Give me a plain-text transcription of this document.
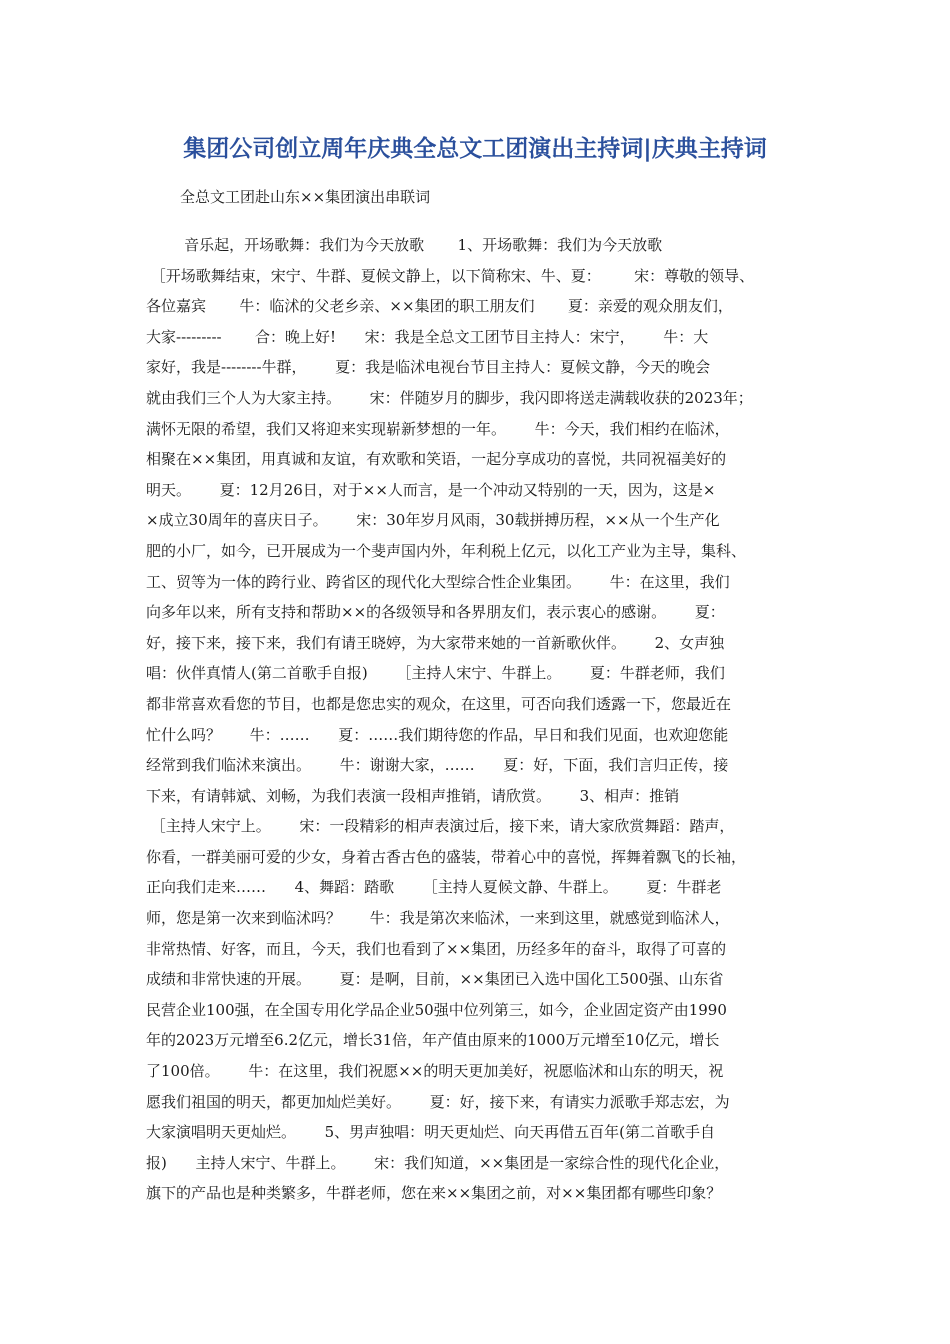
集团公司创立周年庆典全总文工团演出主持词|庆典主持词

全总文工团赴山东××集团演出串联词

音乐起，开场歌舞：我们为今天放歌       1、开场歌舞：我们为今天放歌
［开场歌舞结束，宋宁、牛群、夏候文静上，以下简称宋、牛、夏：       宋：尊敬的领导、
各位嘉宾       牛：临沭的父老乡亲、××集团的职工朋友们       夏：亲爱的观众朋友们，
大家---------       合：晚上好!      宋：我是全总文工团节目主持人：宋宁，      牛：大
家好，我是--------牛群，      夏：我是临沭电视台节目主持人：夏候文静，今天的晚会
就由我们三个人为大家主持。      宋：伴随岁月的脚步，我闪即将送走满载收获的2023年；
满怀无限的希望，我们又将迎来实现崭新梦想的一年。      牛：今天，我们相约在临沭，
相聚在××集团，用真诚和友谊，有欢歌和笑语，一起分享成功的喜悦，共同祝福美好的
明天。      夏：12月26日，对于××人而言，是一个冲动又特别的一天，因为，这是×
×成立30周年的喜庆日子。      宋：30年岁月风雨，30载拼搏历程，××从一个生产化
肥的小厂，如今，已开展成为一个斐声国内外，年利税上亿元，以化工产业为主导，集科、
工、贸等为一体的跨行业、跨省区的现代化大型综合性企业集团。      牛：在这里，我们
向多年以来，所有支持和帮助××的各级领导和各界朋友们，表示衷心的感谢。      夏：
好，接下来，接下来，我们有请王晓婷，为大家带来她的一首新歌伙伴。      2、女声独
唱：伙伴真情人(第二首歌手自报)      ［主持人宋宁、牛群上。      夏：牛群老师，我们
都非常喜欢看您的节目，也都是您忠实的观众，在这里，可否向我们透露一下，您最近在
忙什么吗？      牛：……      夏：……我们期待您的作品，早日和我们见面，也欢迎您能
经常到我们临沭来演出。      牛：谢谢大家，……      夏：好，下面，我们言归正传，接
下来，有请韩斌、刘畅，为我们表演一段相声推销，请欣赏。      3、相声：推销
［主持人宋宁上。      宋：一段精彩的相声表演过后，接下来，请大家欣赏舞蹈：踏声，
你看，一群美丽可爱的少女，身着古香古色的盛装，带着心中的喜悦，挥舞着飘飞的长袖，
正向我们走来……      4、舞蹈：踏歌      ［主持人夏候文静、牛群上。      夏：牛群老
师，您是第一次来到临沭吗？      牛：我是第次来临沭，一来到这里，就感觉到临沭人，
非常热情、好客，而且，今天，我们也看到了××集团，历经多年的奋斗，取得了可喜的
成绩和非常快速的开展。      夏：是啊，目前，××集团已入选中国化工500强、山东省
民营企业100强，在全国专用化学品企业50强中位列第三，如今，企业固定资产由1990
年的2023万元增至6.2亿元，增长31倍，年产值由原来的1000万元增至10亿元，增长
了100倍。      牛：在这里，我们祝愿××的明天更加美好，祝愿临沭和山东的明天，祝
愿我们祖国的明天，都更加灿烂美好。      夏：好，接下来，有请实力派歌手郑志宏，为
大家演唱明天更灿烂。      5、男声独唱：明天更灿烂、向天再借五百年(第二首歌手自
报)      主持人宋宁、牛群上。      宋：我们知道，××集团是一家综合性的现代化企业，
旗下的产品也是种类繁多，牛群老师，您在来××集团之前，对××集团都有哪些印象？
